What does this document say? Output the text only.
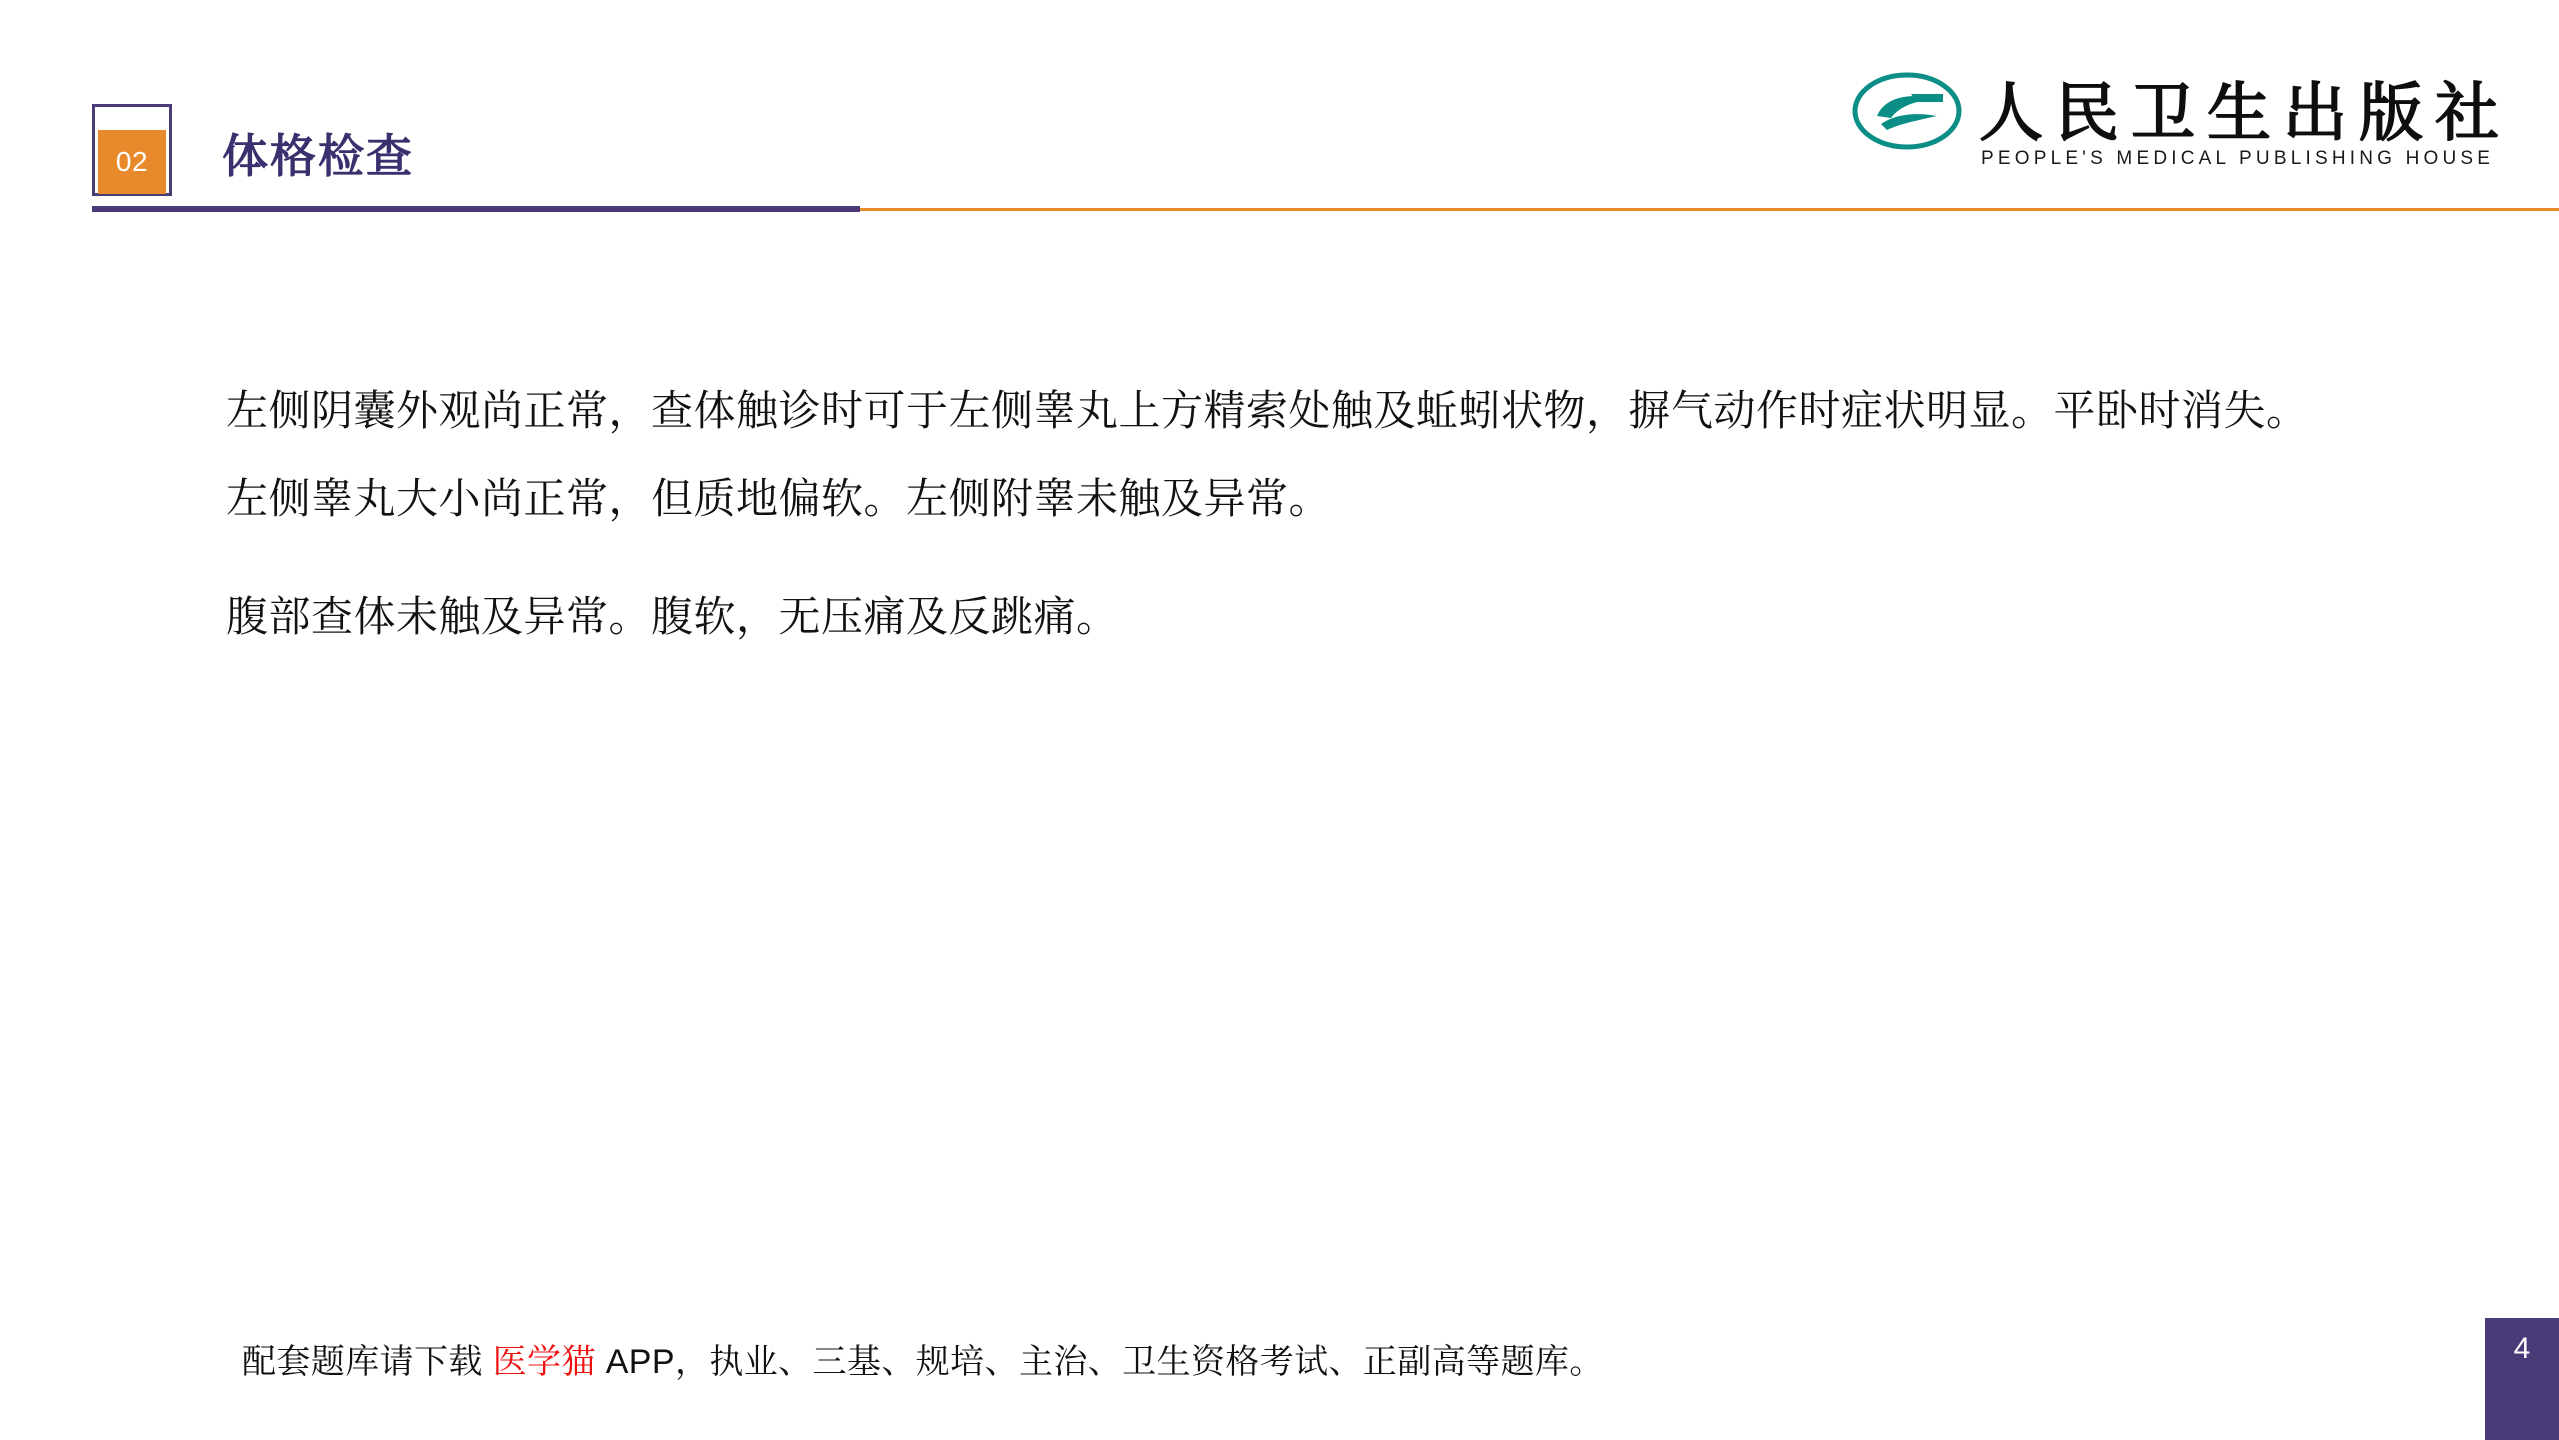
02 体格检查
人民卫生出版社
PEOPLE'S MEDICAL PUBLISHING HOUSE

左侧阴囊外观尚正常，查体触诊时可于左侧睾丸上方精索处触及蚯蚓状物，摒气动作时症状明显。平卧时消失。

左侧睾丸大小尚正常，但质地偏软。左侧附睾未触及异常。

腹部查体未触及异常。腹软，无压痛及反跳痛。

配套题库请下载 医学猫 APP，执业、三基、规培、主治、卫生资格考试、正副高等题库。	4
